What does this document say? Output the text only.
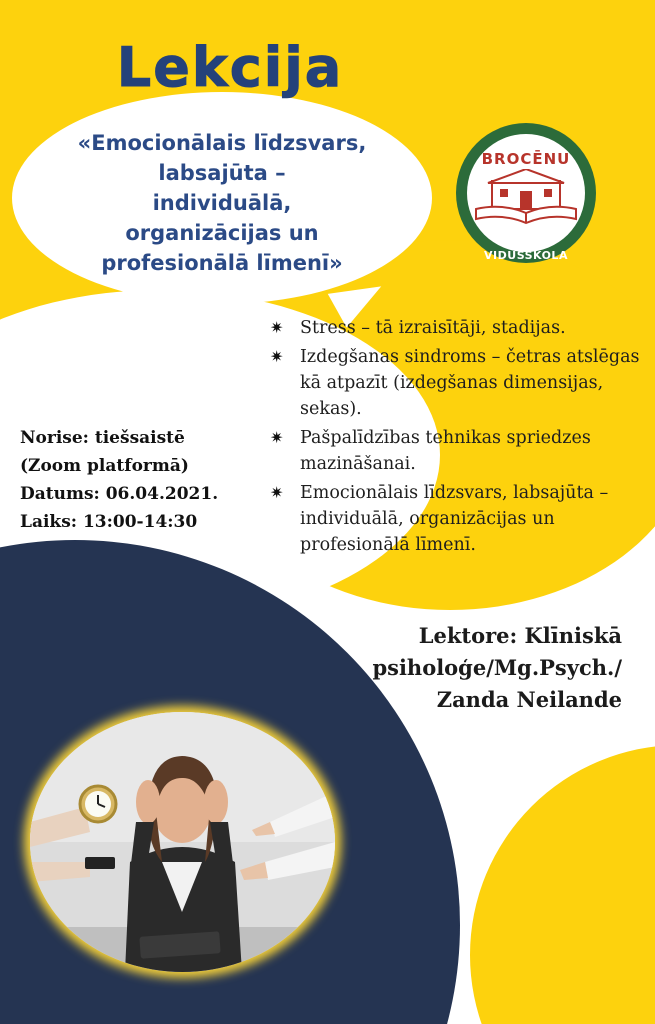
Lekcija
«Emocionālais līdzsvars,
labsajūta –
individuālā,
organizācijas un
profesionālā līmenī»
BROCĒNU
VIDUSSKOLA
✷ Stress – tā izraisītāji, stadijas.
✷ Izdegšanas sindroms – četras atslēgas kā atpazīt (izdegšanas dimensijas, sekas).
✷ Pašpalīdzības tehnikas spriedzes mazināšanai.
✷ Emocionālais līdzsvars, labsajūta – individuālā, organizācijas un profesionālā līmenī.
Norise: tiešsaistē
(Zoom platformā)
Datums: 06.04.2021.
Laiks: 13:00-14:30
Lektore: Klīniskā
psiholoģe/Mg.Psych./
Zanda Neilande
